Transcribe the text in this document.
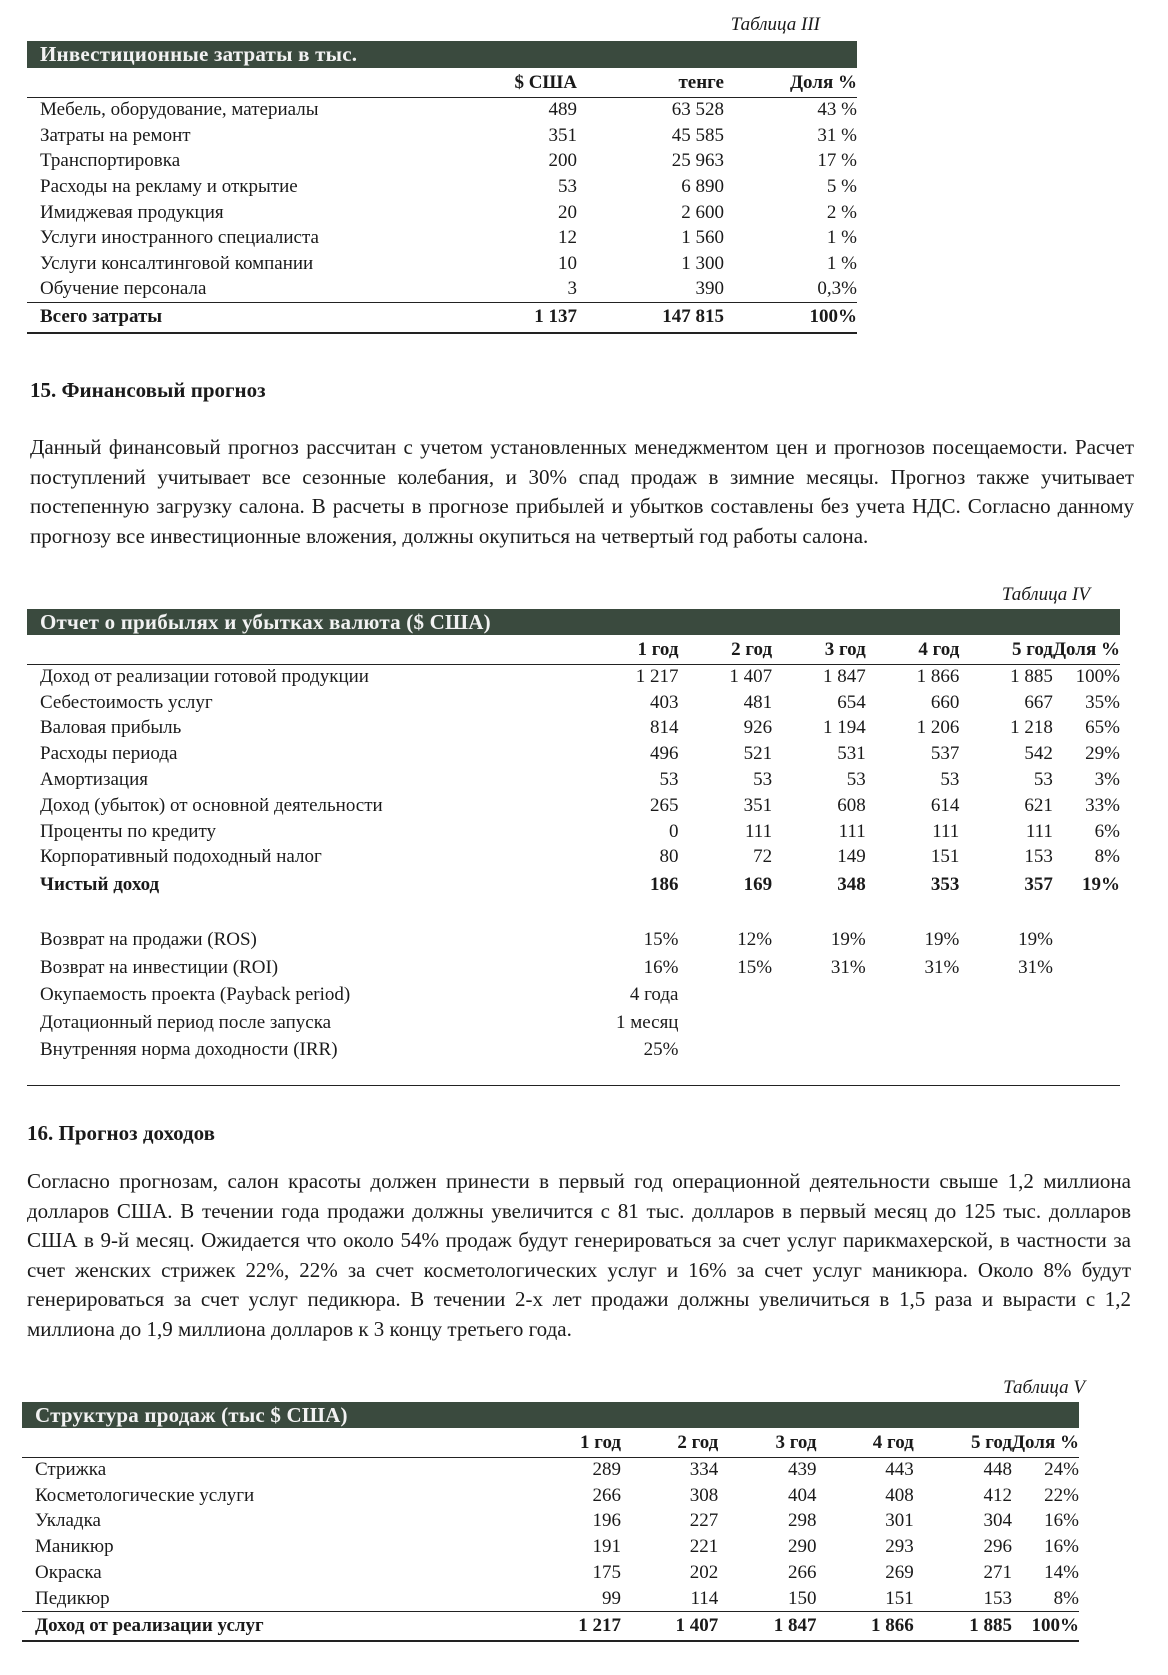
Таблица III
Инвестиционные затраты в тыс.
	$ США	тенге	Доля %
Мебель, оборудование, материалы	489	63 528	43 %
Затраты на ремонт	351	45 585	31 %
Транспортировка	200	25 963	17 %
Расходы на рекламу и открытие	53	6 890	5 %
Имиджевая продукция	20	2 600	2 %
Услуги иностранного специалиста	12	1 560	1 %
Услуги консалтинговой компании	10	1 300	1 %
Обучение персонала	3	390	0,3%
Всего затраты	1 137	147 815	100%
15. Финансовый прогноз
Данный финансовый прогноз рассчитан с учетом установленных менеджментом цен и прогнозов посещаемости. Расчет поступлений учитывает все сезонные колебания, и 30% спад продаж в зимние месяцы. Прогноз также учитывает постепенную загрузку салона. В расчеты в прогнозе прибылей и убытков составлены без учета НДС. Согласно данному прогнозу все инвестиционные вложения, должны окупиться на четвертый год работы салона.
Таблица IV
Отчет о прибылях и убытках валюта ($ США)
	1 год	2 год	3 год	4 год	5 год	Доля %
Доход от реализации готовой продукции	1 217	1 407	1 847	1 866	1 885	100%
Себестоимость услуг	403	481	654	660	667	35%
Валовая прибыль	814	926	1 194	1 206	1 218	65%
Расходы периода	496	521	531	537	542	29%
Амортизация	53	53	53	53	53	3%
Доход (убыток) от основной деятельности	265	351	608	614	621	33%
Проценты по кредиту	0	111	111	111	111	6%
Корпоративный подоходный налог	80	72	149	151	153	8%
Чистый доход	186	169	348	353	357	19%

Возврат на продажи (ROS)	15%	12%	19%	19%	19%	
Возврат на инвестиции (ROI)	16%	15%	31%	31%	31%	
Окупаемость проекта (Payback period)	4 года					
Дотационный период после запуска	1 месяц					
Внутренняя норма доходности (IRR)	25%					
16. Прогноз доходов
Согласно прогнозам, салон красоты должен принести в первый год операционной деятельности свыше 1,2 миллиона долларов США. В течении года продажи должны увеличится с 81 тыс. долларов в первый месяц до 125 тыс. долларов США в 9-й месяц. Ожидается что около 54% продаж будут генерироваться за счет услуг парикмахерской, в частности за счет женских стрижек 22%, 22% за счет косметологических услуг и 16% за счет услуг маникюра. Около 8% будут генерироваться за счет услуг педикюра. В течении 2-х лет продажи должны увеличиться в 1,5 раза и вырасти с 1,2 миллиона до 1,9 миллиона долларов к 3 концу третьего года.
Таблица V
Структура продаж (тыс $ США)
	1 год	2 год	3 год	4 год	5 год	Доля %
Стрижка	289	334	439	443	448	24%
Косметологические услуги	266	308	404	408	412	22%
Укладка	196	227	298	301	304	16%
Маникюр	191	221	290	293	296	16%
Окраска	175	202	266	269	271	14%
Педикюр	99	114	150	151	153	8%
Доход от реализации услуг	1 217	1 407	1 847	1 866	1 885	100%
